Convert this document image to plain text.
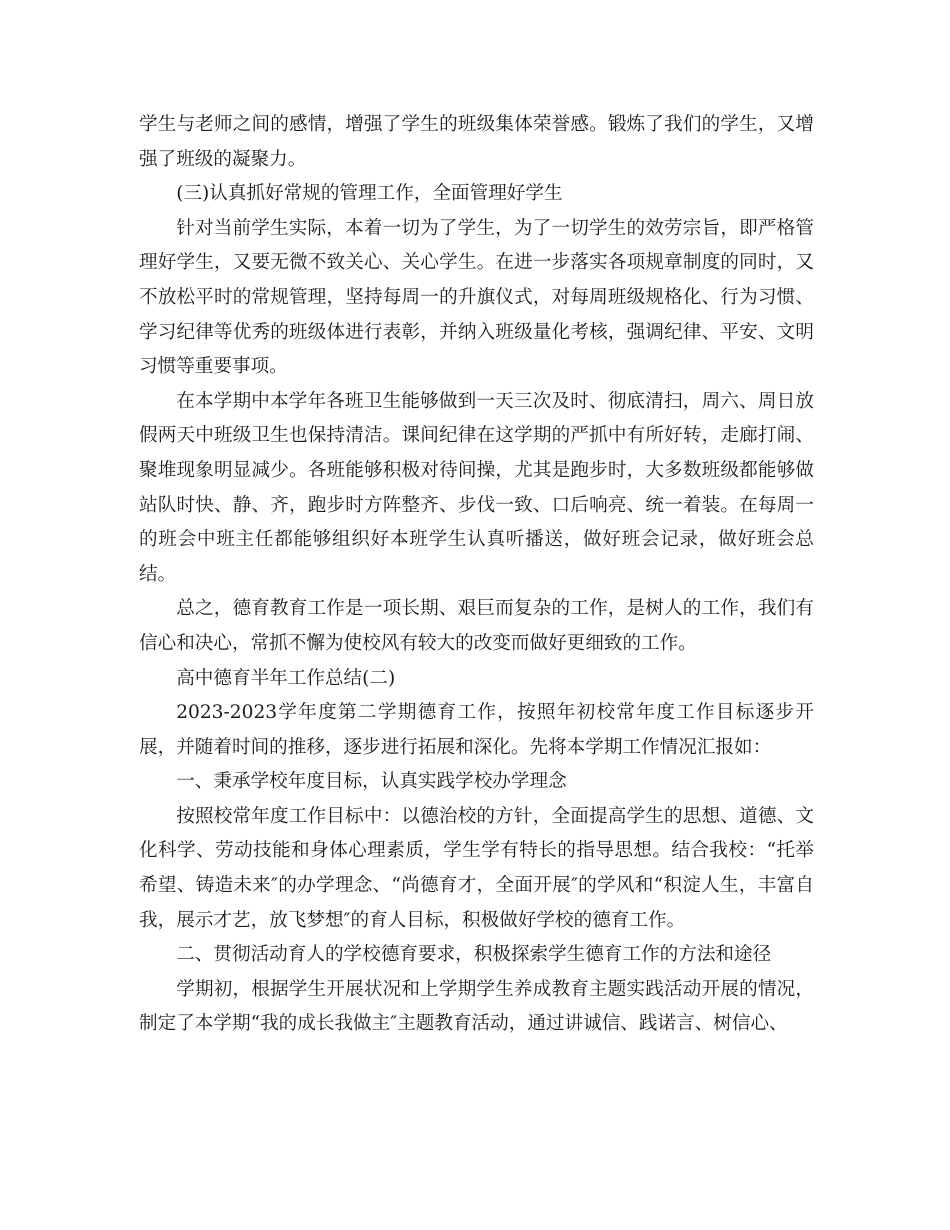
学生与老师之间的感情，增强了学生的班级集体荣誉感。锻炼了我们的学生，又增强了班级的凝聚力。

(三)认真抓好常规的管理工作，全面管理好学生

针对当前学生实际，本着一切为了学生，为了一切学生的效劳宗旨，即严格管理好学生，又要无微不致关心、关心学生。在进一步落实各项规章制度的同时，又不放松平时的常规管理，坚持每周一的升旗仪式，对每周班级规格化、行为习惯、学习纪律等优秀的班级体进行表彰，并纳入班级量化考核，强调纪律、平安、文明习惯等重要事项。

在本学期中本学年各班卫生能够做到一天三次及时、彻底清扫，周六、周日放假两天中班级卫生也保持清洁。课间纪律在这学期的严抓中有所好转，走廊打闹、聚堆现象明显减少。各班能够积极对待间操，尤其是跑步时，大多数班级都能够做站队时快、静、齐，跑步时方阵整齐、步伐一致、口后响亮、统一着装。在每周一的班会中班主任都能够组织好本班学生认真听播送，做好班会记录，做好班会总结。

总之，德育教育工作是一项长期、艰巨而复杂的工作，是树人的工作，我们有信心和决心，常抓不懈为使校风有较大的改变而做好更细致的工作。

高中德育半年工作总结(二)

2023-2023学年度第二学期德育工作，按照年初校常年度工作目标逐步开展，并随着时间的推移，逐步进行拓展和深化。先将本学期工作情况汇报如：

一、秉承学校年度目标，认真实践学校办学理念

按照校常年度工作目标中：以德治校的方针，全面提高学生的思想、道德、文化科学、劳动技能和身体心理素质，学生学有特长的指导思想。结合我校：“托举希望、铸造未来″的办学理念、“尚德育才，全面开展″的学风和“积淀人生，丰富自我，展示才艺，放飞梦想″的育人目标，积极做好学校的德育工作。

二、贯彻活动育人的学校德育要求，积极探索学生德育工作的方法和途径

学期初，根据学生开展状况和上学期学生养成教育主题实践活动开展的情况，制定了本学期“我的成长我做主″主题教育活动，通过讲诚信、践诺言、树信心、
